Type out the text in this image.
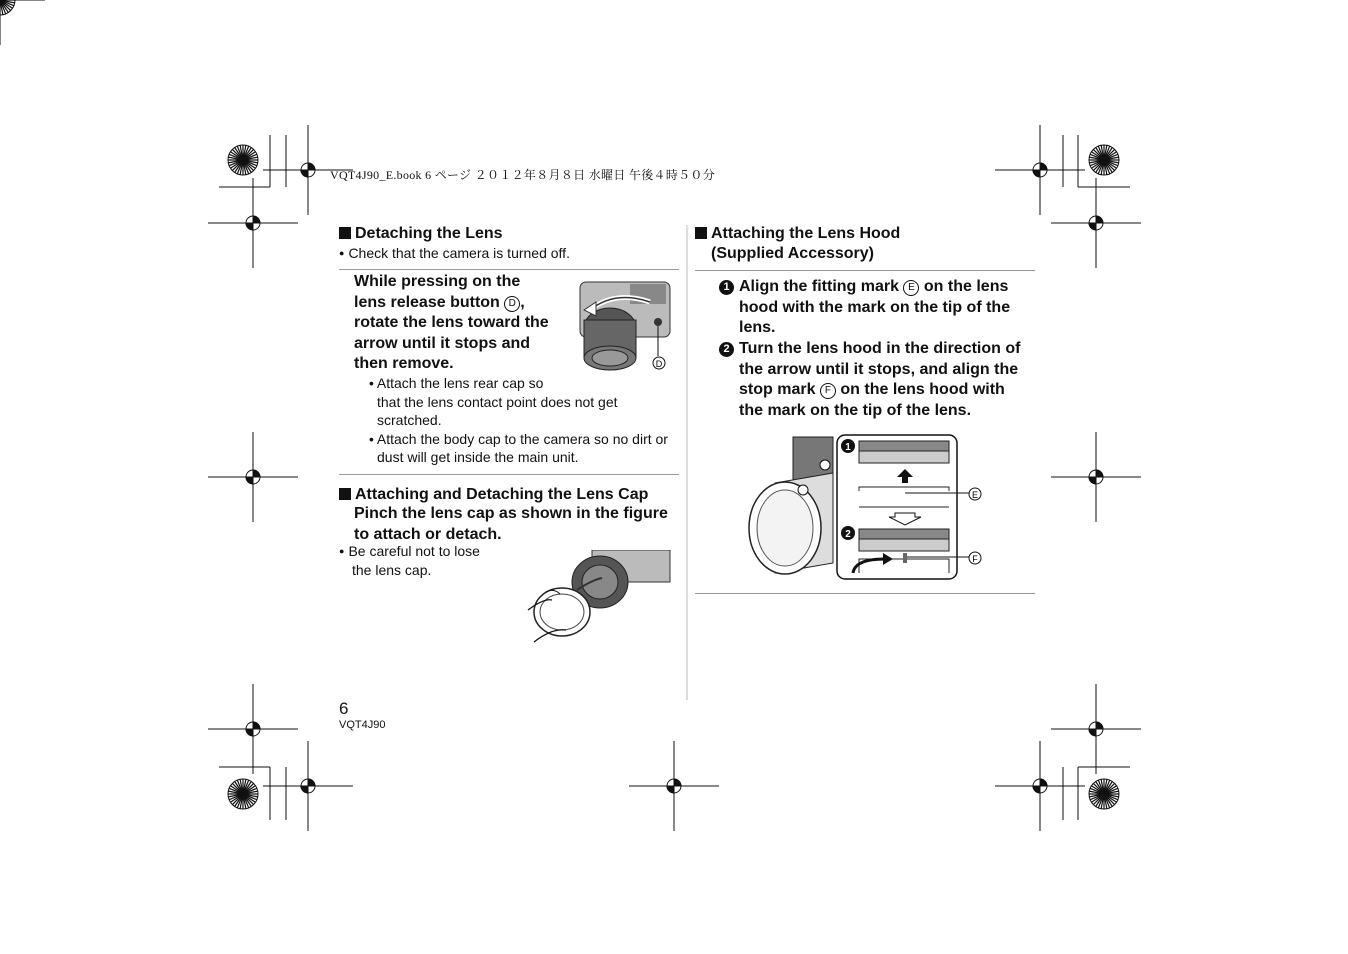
VQT4J90_E.book 6 ページ ２０１２年８月８日 水曜日 午後４時５０分
Detaching the Lens
● Check that the camera is turned off.
While pressing on the
lens release button D ,
rotate the lens toward the
arrow until it stops and
then remove.	D
• Attach the lens rear cap so
that the lens contact point does not get
scratched.
• Attach the body cap to the camera so no dirt or
dust will get inside the main unit.
Attaching and Detaching the Lens Cap
Pinch the lens cap as shown in the figure
to attach or detach.
● Be careful not to lose
the lens cap.
Attaching the Lens Hood
(Supplied Accessory)
1 Align the fitting mark E on the lens
hood with the mark on the tip of the
lens.
2 Turn the lens hood in the direction of
the arrow until it stops, and align the
stop mark F on the lens hood with
the mark on the tip of the lens.
1
E
2
F
6
VQT4J90
